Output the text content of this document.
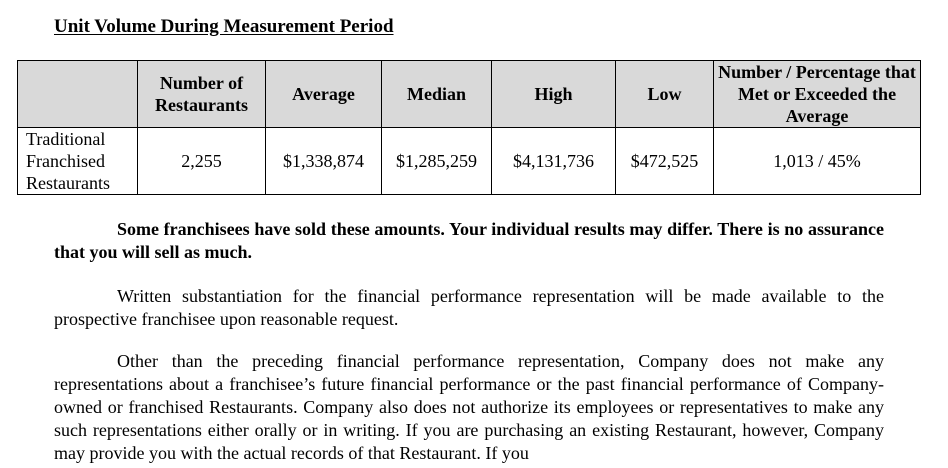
Unit Volume During Measurement Period
	Number of Restaurants	Average	Median	High	Low	Number / Percentage that Met or Exceeded the Average
Traditional Franchised Restaurants	2,255	$1,338,874	$1,285,259	$4,131,736	$472,525	1,013 / 45%
Some franchisees have sold these amounts. Your individual results may differ. There is no assurance that you will sell as much.
Written substantiation for the financial performance representation will be made available to the prospective franchisee upon reasonable request.
Other than the preceding financial performance representation, Company does not make any representations about a franchisee’s future financial performance or the past financial performance of Company-owned or franchised Restaurants. Company also does not authorize its employees or representatives to make any such representations either orally or in writing. If you are purchasing an existing Restaurant, however, Company may provide you with the actual records of that Restaurant. If you
